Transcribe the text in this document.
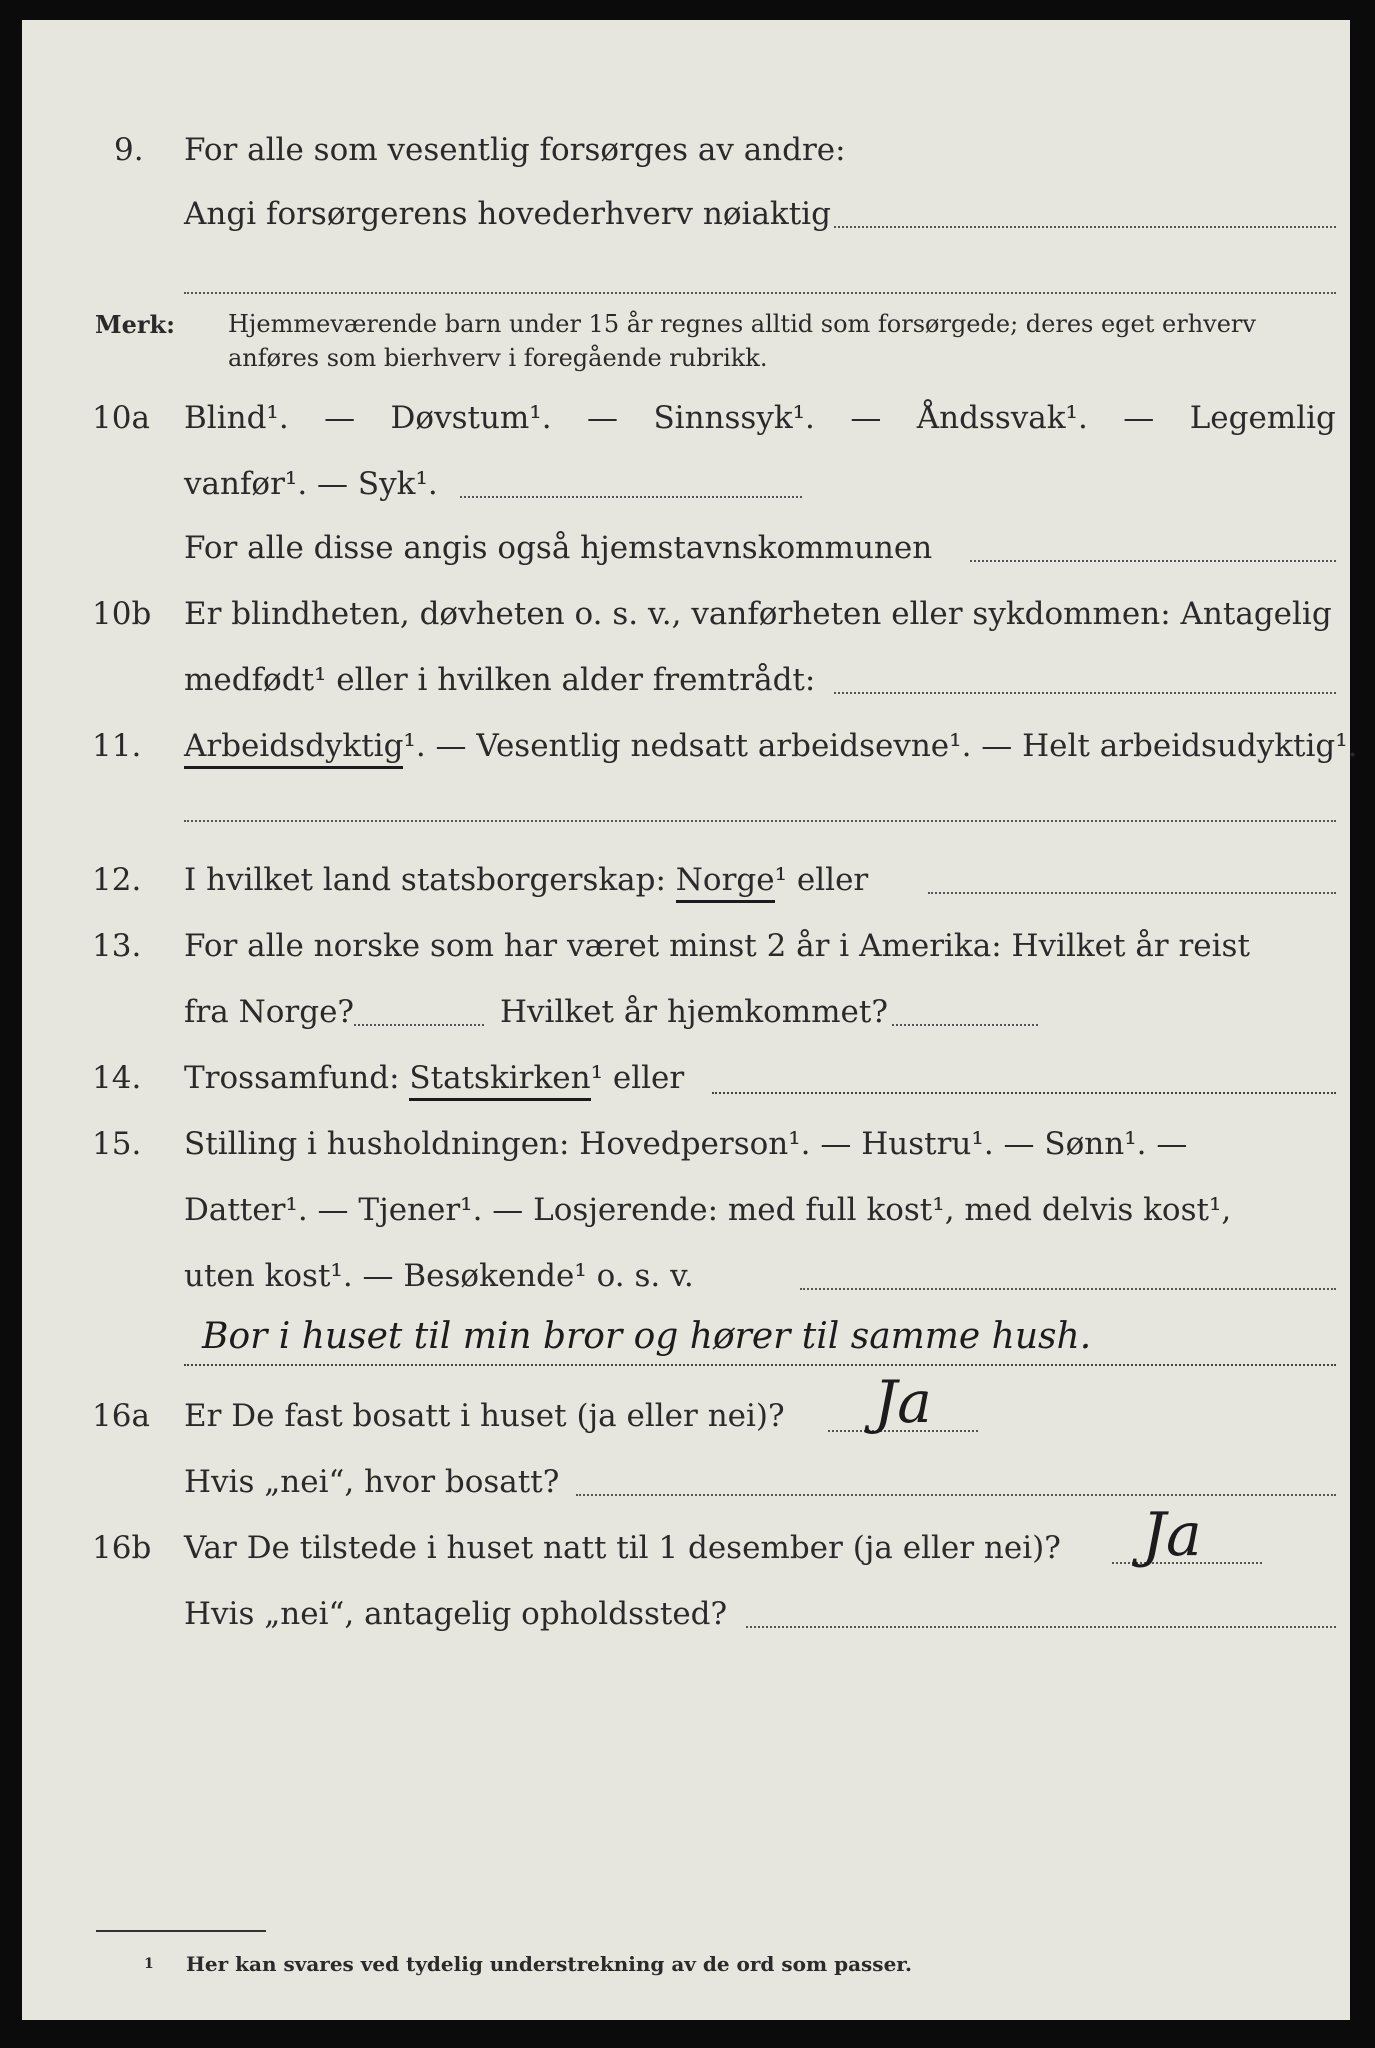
9. For alle som vesentlig forsørges av andre:
Angi forsørgerens hovederhverv nøiaktig
Merk: Hjemmeværende barn under 15 år regnes alltid som forsørgede; deres eget erhverv anføres som bierhverv i foregående rubrikk.
10a Blind¹. — Døvstum¹. — Sinnssyk¹. — Åndssvak¹. — Legemlig
vanfør¹. — Syk¹.
For alle disse angis også hjemstavnskommunen
10b Er blindheten, døvheten o. s. v., vanførheten eller sykdommen: Antagelig
medfødt¹ eller i hvilken alder fremtrådt:
11. Arbeidsdyktig¹. — Vesentlig nedsatt arbeidsevne¹. — Helt arbeidsudyktig¹.
12. I hvilket land statsborgerskap: Norge¹ eller
13. For alle norske som har været minst 2 år i Amerika: Hvilket år reist
fra Norge?	Hvilket år hjemkommet?
14. Trossamfund: Statskirken¹ eller
15. Stilling i husholdningen: Hovedperson¹. — Hustru¹. — Sønn¹. —
Datter¹. — Tjener¹. — Losjerende: med full kost¹, med delvis kost¹,
uten kost¹. — Besøkende¹ o. s. v.
Bor i huset til min bror og hører til samme hush.
16a Er De fast bosatt i huset (ja eller nei)? Ja
Hvis „nei“, hvor bosatt?
16b Var De tilstede i huset natt til 1 desember (ja eller nei)? Ja
Hvis „nei“, antagelig opholdssted?
1 Her kan svares ved tydelig understrekning av de ord som passer.
